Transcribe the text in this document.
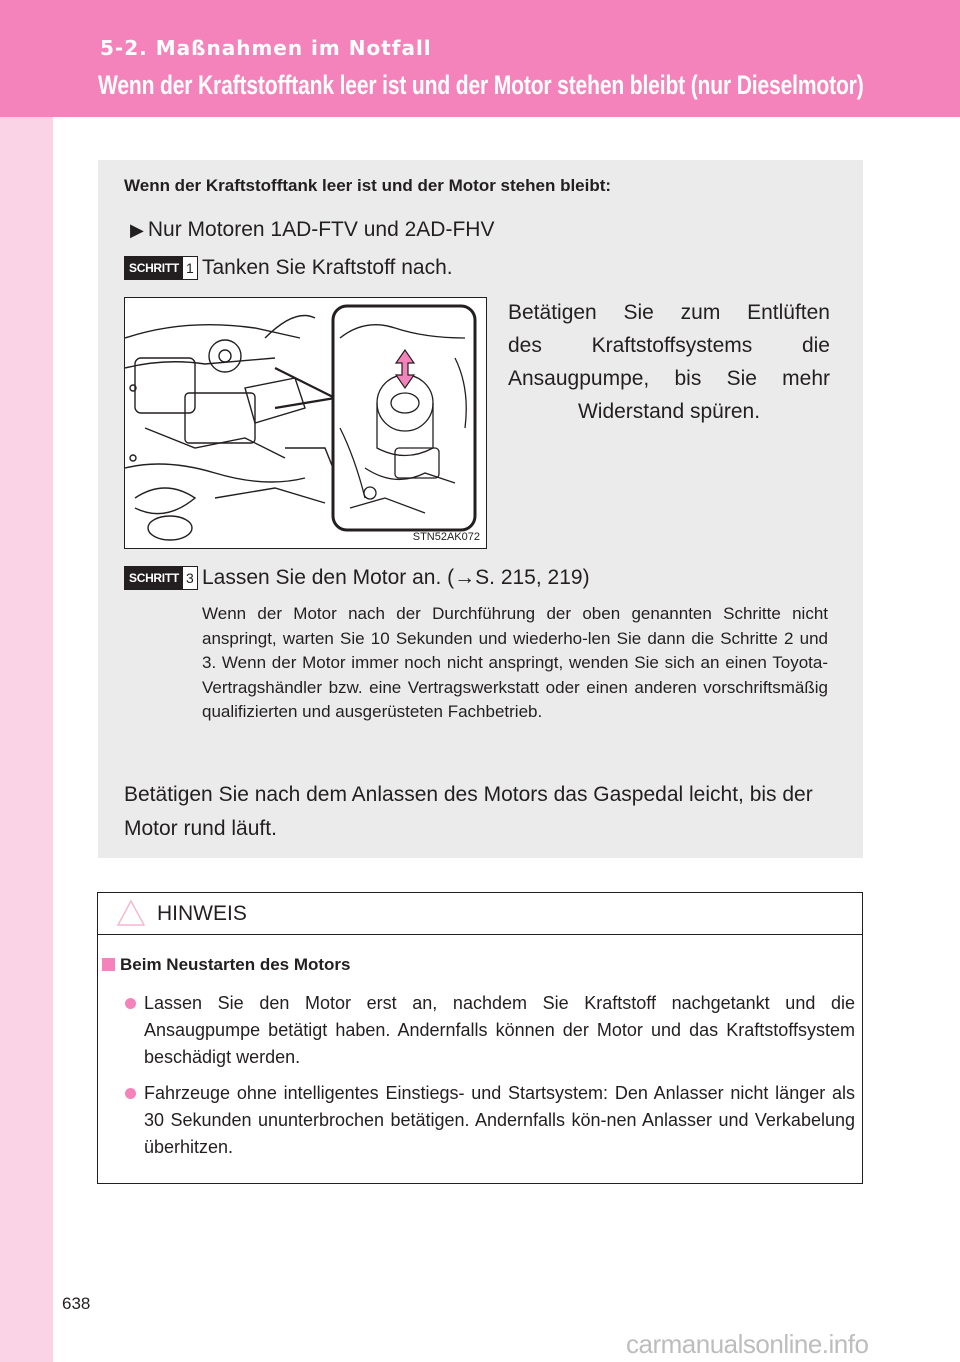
5-2. Maßnahmen im Notfall
Wenn der Kraftstofftank leer ist und der Motor stehen bleibt (nur Dieselmotor)
Wenn der Kraftstofftank leer ist und der Motor stehen bleibt:
▶ Nur Motoren 1AD-FTV und 2AD-FHV
SCHRITT 1 Tanken Sie Kraftstoff nach.
Betätigen Sie zum Entlüften
des Kraftstoffsystems die
Ansaugpumpe, bis Sie mehr
Widerstand spüren.
STN52AK072
SCHRITT 3 Lassen Sie den Motor an. (→S. 215, 219)
Wenn der Motor nach der Durchführung der oben genannten Schritte nicht anspringt, warten Sie 10 Sekunden und wiederho-len Sie dann die Schritte 2 und 3. Wenn der Motor immer noch nicht anspringt, wenden Sie sich an einen Toyota-Vertragshändler bzw. eine Vertragswerkstatt oder einen anderen vorschriftsmäßig qualifizierten und ausgerüsteten Fachbetrieb.
Betätigen Sie nach dem Anlassen des Motors das Gaspedal leicht, bis der Motor rund läuft.
HINWEIS
Beim Neustarten des Motors
Lassen Sie den Motor erst an, nachdem Sie Kraftstoff nachgetankt und die Ansaugpumpe betätigt haben. Andernfalls können der Motor und das Kraftstoffsystem beschädigt werden.
Fahrzeuge ohne intelligentes Einstiegs- und Startsystem: Den Anlasser nicht länger als 30 Sekunden ununterbrochen betätigen. Andernfalls kön-nen Anlasser und Verkabelung überhitzen.
638
carmanualsonline.info
